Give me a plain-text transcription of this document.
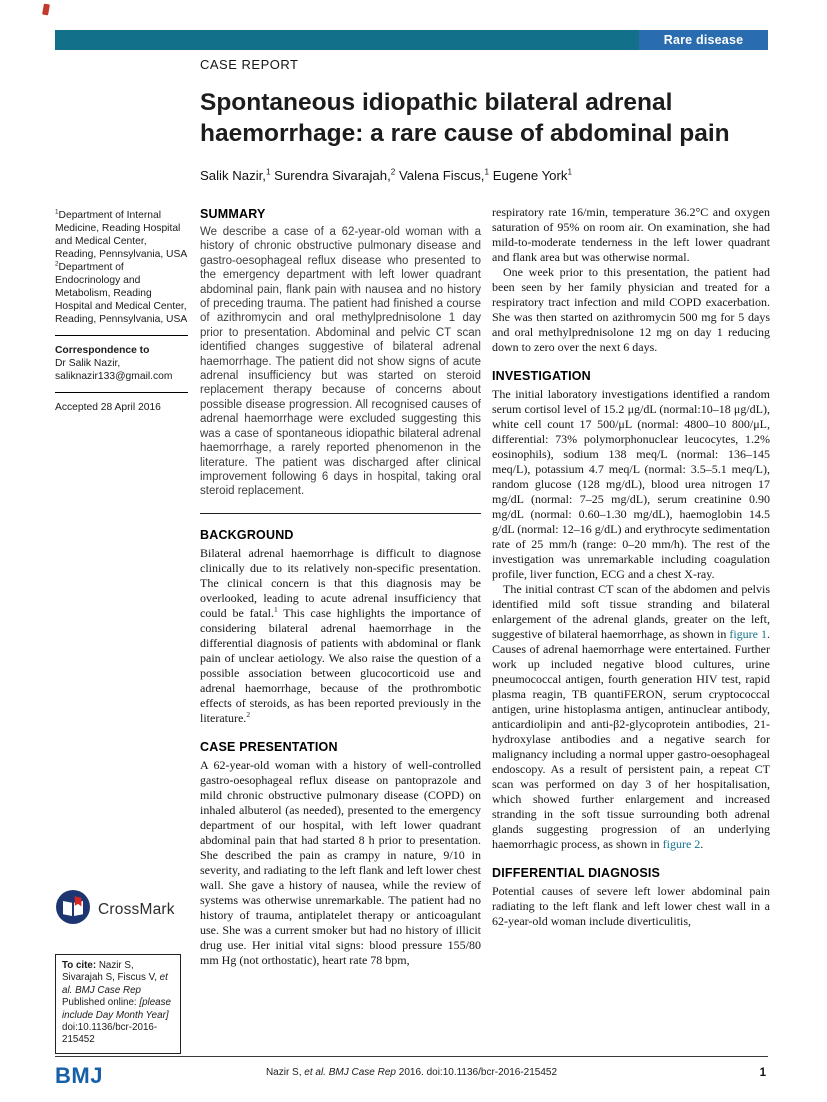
Rare disease
CASE REPORT
Spontaneous idiopathic bilateral adrenal haemorrhage: a rare cause of abdominal pain
Salik Nazir,$^1$ Surendra Sivarajah,$^2$ Valena Fiscus,$^1$ Eugene York$^1$

$^1$Department of Internal Medicine, Reading Hospital and Medical Center, Reading, Pennsylvania, USA

$^2$Department of Endocrinology and Metabolism, Reading Hospital and Medical Center, Reading, Pennsylvania, USA

Correspondence to

Dr Salik Nazir, saliknazir133@gmail.com

Accepted 28 April 2016

CrossMark

To cite: Nazir S, Sivarajah S, Fiscus V, et al. BMJ Case Rep Published online: [please include Day Month Year] doi:10.1136/bcr-2016-215452

SUMMARY

We describe a case of a 62-year-old woman with a history of chronic obstructive pulmonary disease and gastro-oesophageal reflux disease who presented to the emergency department with left lower quadrant abdominal pain, flank pain with nausea and no history of preceding trauma. The patient had finished a course of azithromycin and oral methylprednisolone 1 day prior to presentation. Abdominal and pelvic CT scan identified changes suggestive of bilateral adrenal haemorrhage. The patient did not show signs of acute adrenal insufficiency but was started on steroid replacement therapy because of concerns about possible disease progression. All recognised causes of adrenal haemorrhage were excluded suggesting this was a case of spontaneous idiopathic bilateral adrenal haemorrhage, a rarely reported phenomenon in the literature. The patient was discharged after clinical improvement following 6 days in hospital, taking oral steroid replacement.

BACKGROUND

Bilateral adrenal haemorrhage is difficult to diagnose clinically due to its relatively non-specific presentation. The clinical concern is that this diagnosis may be overlooked, leading to acute adrenal insufficiency that could be fatal.$^1$ This case highlights the importance of considering bilateral adrenal haemorrhage in the differential diagnosis of patients with abdominal or flank pain of unclear aetiology. We also raise the question of a possible association between glucocorticoid use and adrenal haemorrhage, because of the prothrombotic effects of steroids, as has been reported previously in the literature.$^2$

CASE PRESENTATION

A 62-year-old woman with a history of well-controlled gastro-oesophageal reflux disease on pantoprazole and mild chronic obstructive pulmonary disease (COPD) on inhaled albuterol (as needed), presented to the emergency department of our hospital, with left lower quadrant abdominal pain that had started 8 h prior to presentation. She described the pain as crampy in nature, 9/10 in severity, and radiating to the left flank and left lower chest wall. She gave a history of nausea, while the review of systems was otherwise unremarkable. The patient had no history of trauma, antiplatelet therapy or anticoagulant use. She was a current smoker but had no history of illicit drug use. Her initial vital signs: blood pressure 155/80 mm Hg (not orthostatic), heart rate 78 bpm,

respiratory rate 16/min, temperature 36.2°C and oxygen saturation of 95% on room air. On examination, she had mild-to-moderate tenderness in the left lower quadrant and flank area but was otherwise normal.

One week prior to this presentation, the patient had been seen by her family physician and treated for a respiratory tract infection and mild COPD exacerbation. She was then started on azithromycin 500 mg for 5 days and oral methylprednisolone 12 mg on day 1 reducing down to zero over the next 6 days.

INVESTIGATION

The initial laboratory investigations identified a random serum cortisol level of 15.2 μg/dL (normal:10–18 μg/dL), white cell count 17 500/μL (normal: 4800–10 800/μL, differential: 73% polymorphonuclear leucocytes, 1.2% eosinophils), sodium 138 meq/L (normal: 136–145 meq/L), potassium 4.7 meq/L (normal: 3.5–5.1 meq/L), random glucose (128 mg/dL), blood urea nitrogen 17 mg/dL (normal: 7–25 mg/dL), serum creatinine 0.90 mg/dL (normal: 0.60–1.30 mg/dL), haemoglobin 14.5 g/dL (normal: 12–16 g/dL) and erythrocyte sedimentation rate of 25 mm/h (range: 0–20 mm/h). The rest of the investigation was unremarkable including coagulation profile, liver function, ECG and a chest X-ray.

The initial contrast CT scan of the abdomen and pelvis identified mild soft tissue stranding and bilateral enlargement of the adrenal glands, greater on the left, suggestive of bilateral haemorrhage, as shown in figure 1. Causes of adrenal haemorrhage were entertained. Further work up included negative blood cultures, urine pneumococcal antigen, fourth generation HIV test, rapid plasma reagin, TB quantiFERON, serum cryptococcal antigen, urine histoplasma antigen, antinuclear antibody, anticardiolipin and anti-β2-glycoprotein antibodies, 21-hydroxylase antibodies and a negative search for malignancy including a normal upper gastro-oesophageal endoscopy. As a result of persistent pain, a repeat CT scan was performed on day 3 of her hospitalisation, which showed further enlargement and increased stranding in the soft tissue surrounding both adrenal glands suggesting progression of an underlying haemorrhagic process, as shown in figure 2.

DIFFERENTIAL DIAGNOSIS

Potential causes of severe left lower abdominal pain radiating to the left flank and left lower chest wall in a 62-year-old woman include diverticulitis,

BMJ	Nazir S, et al. BMJ Case Rep 2016. doi:10.1136/bcr-2016-215452	1
